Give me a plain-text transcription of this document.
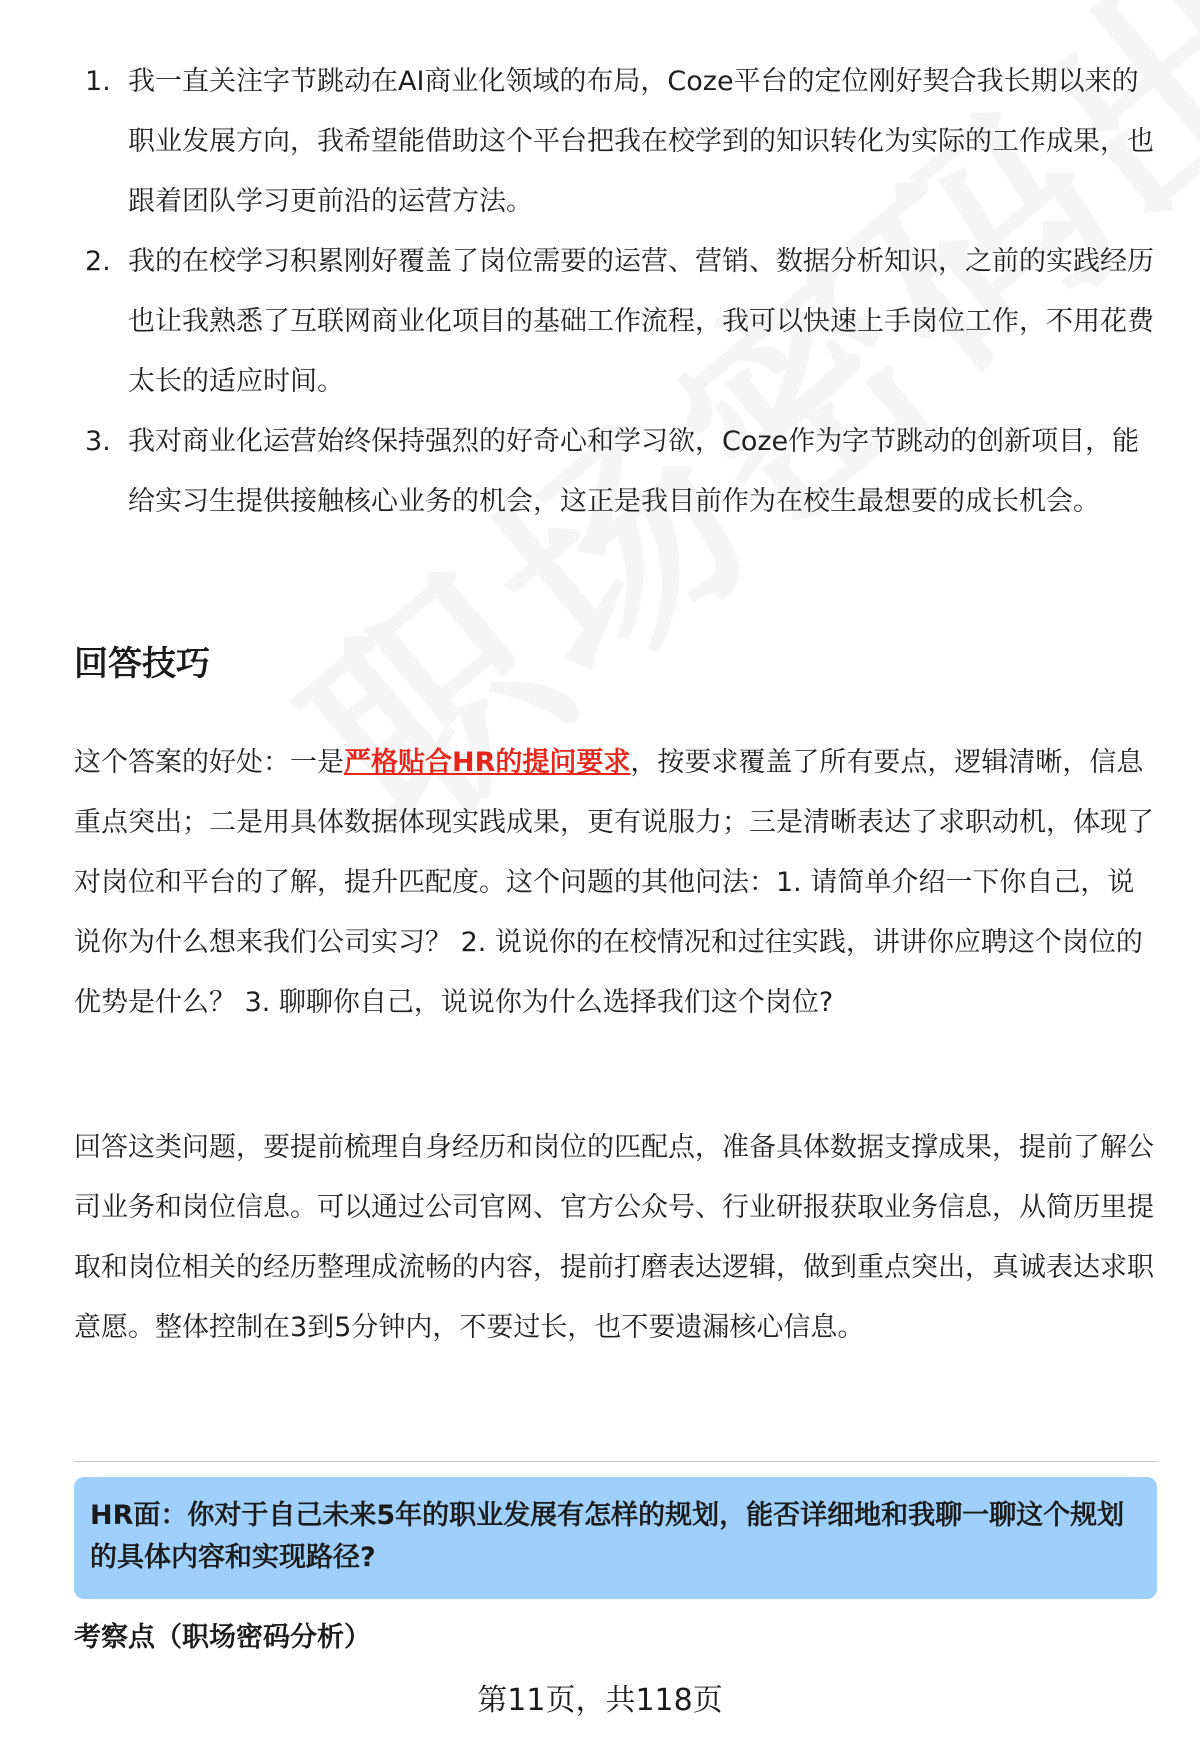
1. 我一直关注字节跳动在AI商业化领域的布局，Coze平台的定位刚好契合我长期以来的职业发展方向，我希望能借助这个平台把我在校学到的知识转化为实际的工作成果，也跟着团队学习更前沿的运营方法。
2. 我的在校学习积累刚好覆盖了岗位需要的运营、营销、数据分析知识，之前的实践经历也让我熟悉了互联网商业化项目的基础工作流程，我可以快速上手岗位工作，不用花费太长的适应时间。
3. 我对商业化运营始终保持强烈的好奇心和学习欲，Coze作为字节跳动的创新项目，能给实习生提供接触核心业务的机会，这正是我目前作为在校生最想要的成长机会。
回答技巧

这个答案的好处：一是严格贴合HR的提问要求，按要求覆盖了所有要点，逻辑清晰，信息重点突出；二是用具体数据体现实践成果，更有说服力；三是清晰表达了求职动机，体现了对岗位和平台的了解，提升匹配度。这个问题的其他问法：1. 请简单介绍一下你自己，说说你为什么想来我们公司实习？ 2. 说说你的在校情况和过往实践，讲讲你应聘这个岗位的优势是什么？ 3. 聊聊你自己，说说你为什么选择我们这个岗位?

回答这类问题，要提前梳理自身经历和岗位的匹配点，准备具体数据支撑成果，提前了解公司业务和岗位信息。可以通过公司官网、官方公众号、行业研报获取业务信息，从简历里提取和岗位相关的经历整理成流畅的内容，提前打磨表达逻辑，做到重点突出，真诚表达求职意愿。整体控制在3到5分钟内，不要过长，也不要遗漏核心信息。

HR面：你对于自己未来5年的职业发展有怎样的规划，能否详细地和我聊一聊这个规划的具体内容和实现路径?
考察点（职场密码分析）
第11页，共118页
